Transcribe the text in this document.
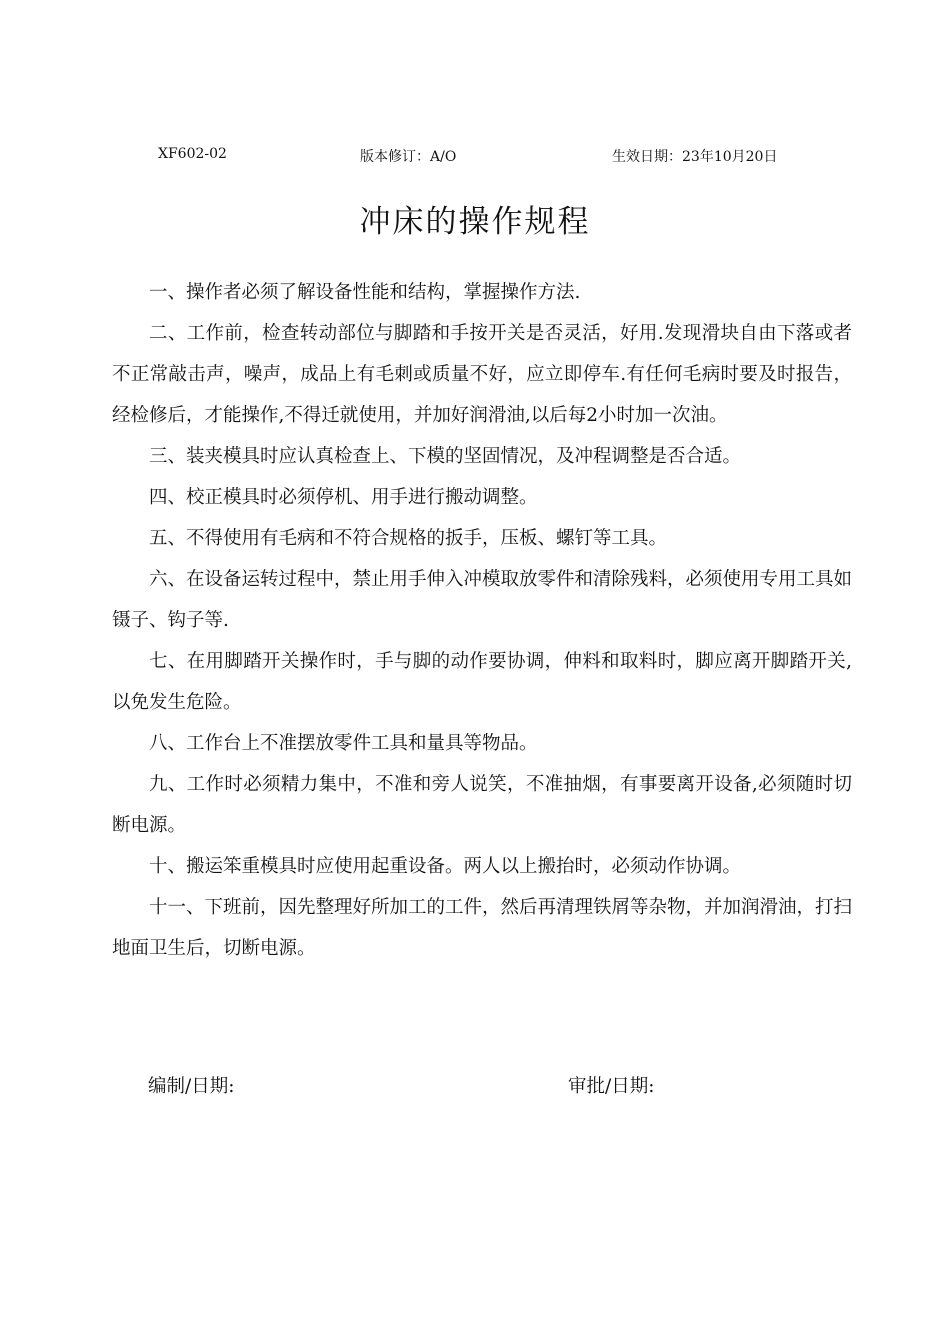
XF602-02	版本修订：A/O	生效日期：23年10月20日
冲床的操作规程

一、操作者必须了解设备性能和结构，掌握操作方法.

二、工作前，检查转动部位与脚踏和手按开关是否灵活，好用.发现滑块自由下落或者不正常敲击声，噪声，成品上有毛刺或质量不好，应立即停车.有任何毛病时要及时报告，经检修后，才能操作,不得迁就使用，并加好润滑油,以后每2小时加一次油。

三、装夹模具时应认真检查上、下模的坚固情况，及冲程调整是否合适。

四、校正模具时必须停机、用手进行搬动调整。

五、不得使用有毛病和不符合规格的扳手，压板、螺钉等工具。

六、在设备运转过程中，禁止用手伸入冲模取放零件和清除残料，必须使用专用工具如镊子、钩子等.

七、在用脚踏开关操作时，手与脚的动作要协调，伸料和取料时，脚应离开脚踏开关,以免发生危险。

八、工作台上不准摆放零件工具和量具等物品。

九、工作时必须精力集中，不准和旁人说笑，不准抽烟，有事要离开设备,必须随时切断电源。

十、搬运笨重模具时应使用起重设备。两人以上搬抬时，必须动作协调。

十一、下班前，因先整理好所加工的工件，然后再清理铁屑等杂物，并加润滑油，打扫地面卫生后，切断电源。

编制/日期:	审批/日期:
